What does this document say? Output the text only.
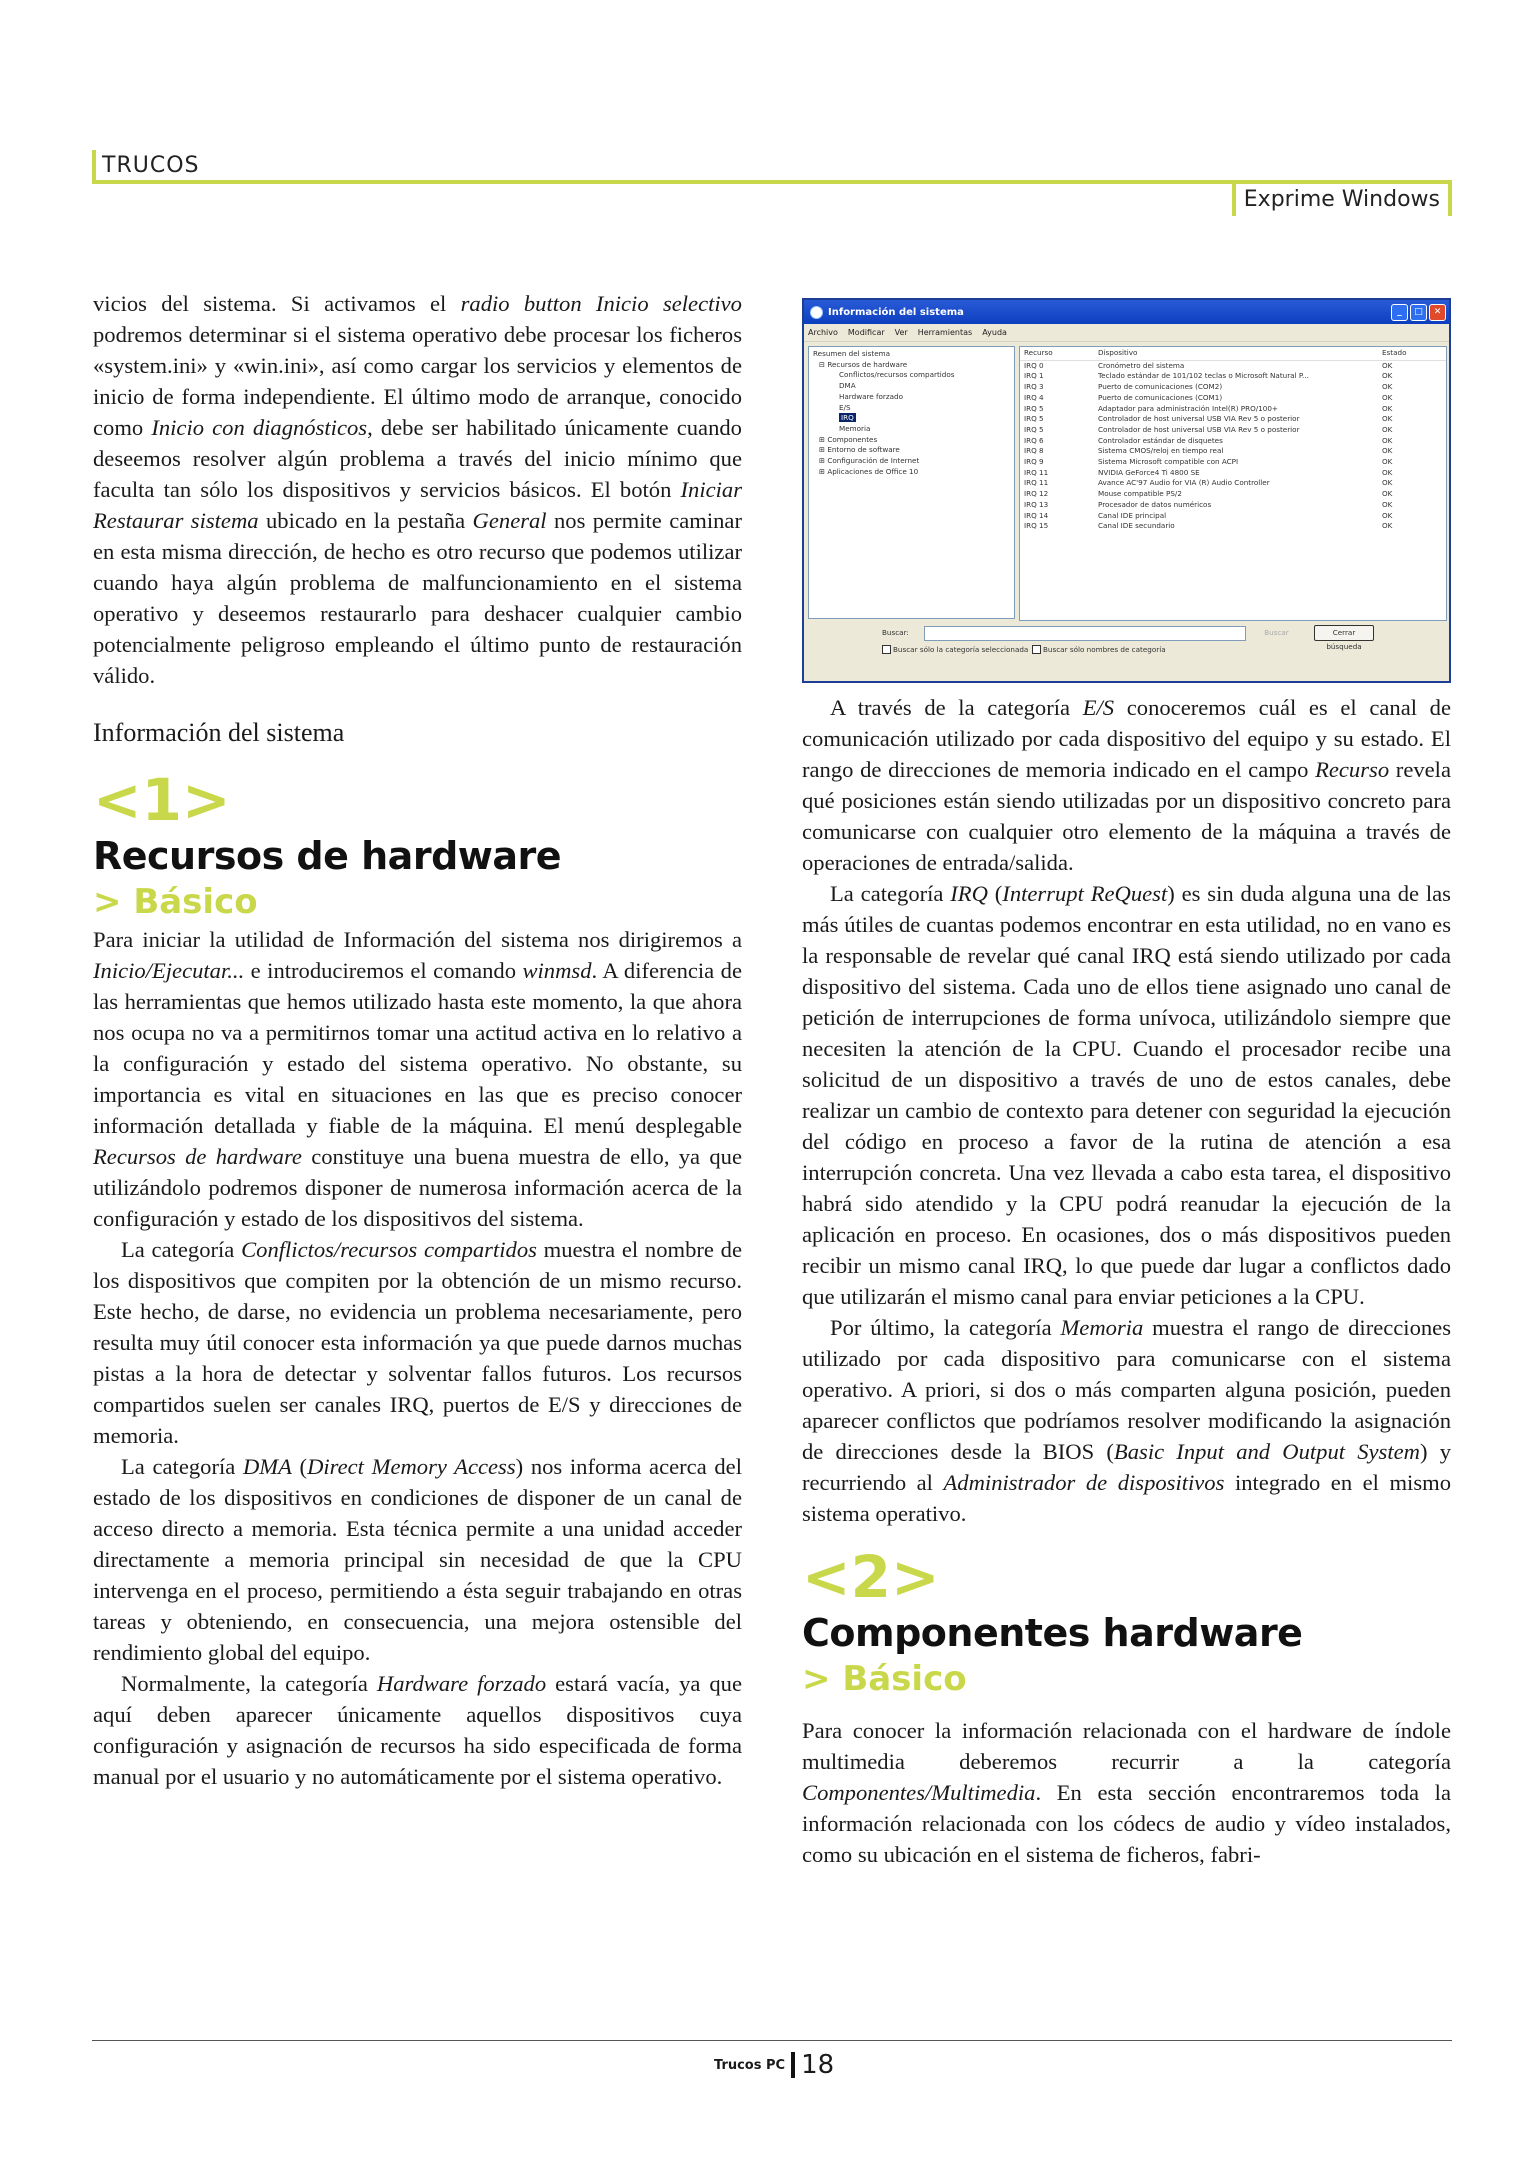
TRUCOS
Exprime Windows

vicios del sistema. Si activamos el radio button Inicio selectivo podremos determinar si el sistema operativo debe procesar los ficheros «system.ini» y «win.ini», así como cargar los servicios y elementos de inicio de forma independiente. El último modo de arranque, conocido como Inicio con diagnósticos, debe ser habilitado únicamente cuando deseemos resolver algún problema a través del inicio mínimo que faculta tan sólo los dispositivos y servicios básicos. El botón Iniciar Restaurar sistema ubicado en la pestaña General nos permite caminar en esta misma dirección, de hecho es otro recurso que podemos utilizar cuando haya algún problema de malfuncionamiento en el sistema operativo y deseemos restaurarlo para deshacer cualquier cambio potencialmente peligroso empleando el último punto de restauración válido.

Información del sistema
<1>
Recursos de hardware
> Básico

Para iniciar la utilidad de Información del sistema nos dirigiremos a Inicio/Ejecutar... e introduciremos el comando winmsd. A diferencia de las herramientas que hemos utilizado hasta este momento, la que ahora nos ocupa no va a permitirnos tomar una actitud activa en lo relativo a la configuración y estado del sistema operativo. No obstante, su importancia es vital en situaciones en las que es preciso conocer información detallada y fiable de la máquina. El menú desplegable Recursos de hardware constituye una buena muestra de ello, ya que utilizándolo podremos disponer de numerosa información acerca de la configuración y estado de los dispositivos del sistema.

La categoría Conflictos/recursos compartidos muestra el nombre de los dispositivos que compiten por la obtención de un mismo recurso. Este hecho, de darse, no evidencia un problema necesariamente, pero resulta muy útil conocer esta información ya que puede darnos muchas pistas a la hora de detectar y solventar fallos futuros. Los recursos compartidos suelen ser canales IRQ, puertos de E/S y direcciones de memoria.

La categoría DMA (Direct Memory Access) nos informa acerca del estado de los dispositivos en condiciones de disponer de un canal de acceso directo a memoria. Esta técnica permite a una unidad acceder directamente a memoria principal sin necesidad de que la CPU intervenga en el proceso, permitiendo a ésta seguir trabajando en otras tareas y obteniendo, en consecuencia, una mejora ostensible del rendimiento global del equipo.

Normalmente, la categoría Hardware forzado estará vacía, ya que aquí deben aparecer únicamente aquellos dispositivos cuya configuración y asignación de recursos ha sido especificada de forma manual por el usuario y no automáticamente por el sistema operativo.

Información del sistema	_	□	✕
Archivo Modificar Ver Herramientas Ayuda
Resumen del sistema
⊟ Recursos de hardware
Conflictos/recursos compartidos
DMA
Hardware forzado
E/S
IRQ
Memoria
⊞ Componentes
⊞ Entorno de software
⊞ Configuración de Internet
⊞ Aplicaciones de Office 10
Recurso	Dispositivo	Estado
IRQ 0	Cronómetro del sistema	OK
IRQ 1	Teclado estándar de 101/102 teclas o Microsoft Natural P...	OK
IRQ 3	Puerto de comunicaciones (COM2)	OK
IRQ 4	Puerto de comunicaciones (COM1)	OK
IRQ 5	Adaptador para administración Intel(R) PRO/100+	OK
IRQ 5	Controlador de host universal USB VIA Rev 5 o posterior	OK
IRQ 5	Controlador de host universal USB VIA Rev 5 o posterior	OK
IRQ 6	Controlador estándar de disquetes	OK
IRQ 8	Sistema CMOS/reloj en tiempo real	OK
IRQ 9	Sistema Microsoft compatible con ACPI	OK
IRQ 11	NVIDIA GeForce4 Ti 4800 SE	OK
IRQ 11	Avance AC'97 Audio for VIA (R) Audio Controller	OK
IRQ 12	Mouse compatible PS/2	OK
IRQ 13	Procesador de datos numéricos	OK
IRQ 14	Canal IDE principal	OK
IRQ 15	Canal IDE secundario	OK
Buscar:	Buscar	Cerrar búsqueda
Buscar sólo la categoría seleccionada Buscar sólo nombres de categoría

A través de la categoría E/S conoceremos cuál es el canal de comunicación utilizado por cada dispositivo del equipo y su estado. El rango de direcciones de memoria indicado en el campo Recurso revela qué posiciones están siendo utilizadas por un dispositivo concreto para comunicarse con cualquier otro elemento de la máquina a través de operaciones de entrada/salida.

La categoría IRQ (Interrupt ReQuest) es sin duda alguna una de las más útiles de cuantas podemos encontrar en esta utilidad, no en vano es la responsable de revelar qué canal IRQ está siendo utilizado por cada dispositivo del sistema. Cada uno de ellos tiene asignado uno canal de petición de interrupciones de forma unívoca, utilizándolo siempre que necesiten la atención de la CPU. Cuando el procesador recibe una solicitud de un dispositivo a través de uno de estos canales, debe realizar un cambio de contexto para detener con seguridad la ejecución del código en proceso a favor de la rutina de atención a esa interrupción concreta. Una vez llevada a cabo esta tarea, el dispositivo habrá sido atendido y la CPU podrá reanudar la ejecución de la aplicación en proceso. En ocasiones, dos o más dispositivos pueden recibir un mismo canal IRQ, lo que puede dar lugar a conflictos dado que utilizarán el mismo canal para enviar peticiones a la CPU.

Por último, la categoría Memoria muestra el rango de direcciones utilizado por cada dispositivo para comunicarse con el sistema operativo. A priori, si dos o más comparten alguna posición, pueden aparecer conflictos que podríamos resolver modificando la asignación de direcciones desde la BIOS (Basic Input and Output System) y recurriendo al Administrador de dispositivos integrado en el mismo sistema operativo.

<2>
Componentes hardware
> Básico

Para conocer la información relacionada con el hardware de índole multimedia deberemos recurrir a la categoría Componentes/Multimedia. En esta sección encontraremos toda la información relacionada con los códecs de audio y vídeo instalados, como su ubicación en el sistema de ficheros, fabri-

Trucos PC 18
